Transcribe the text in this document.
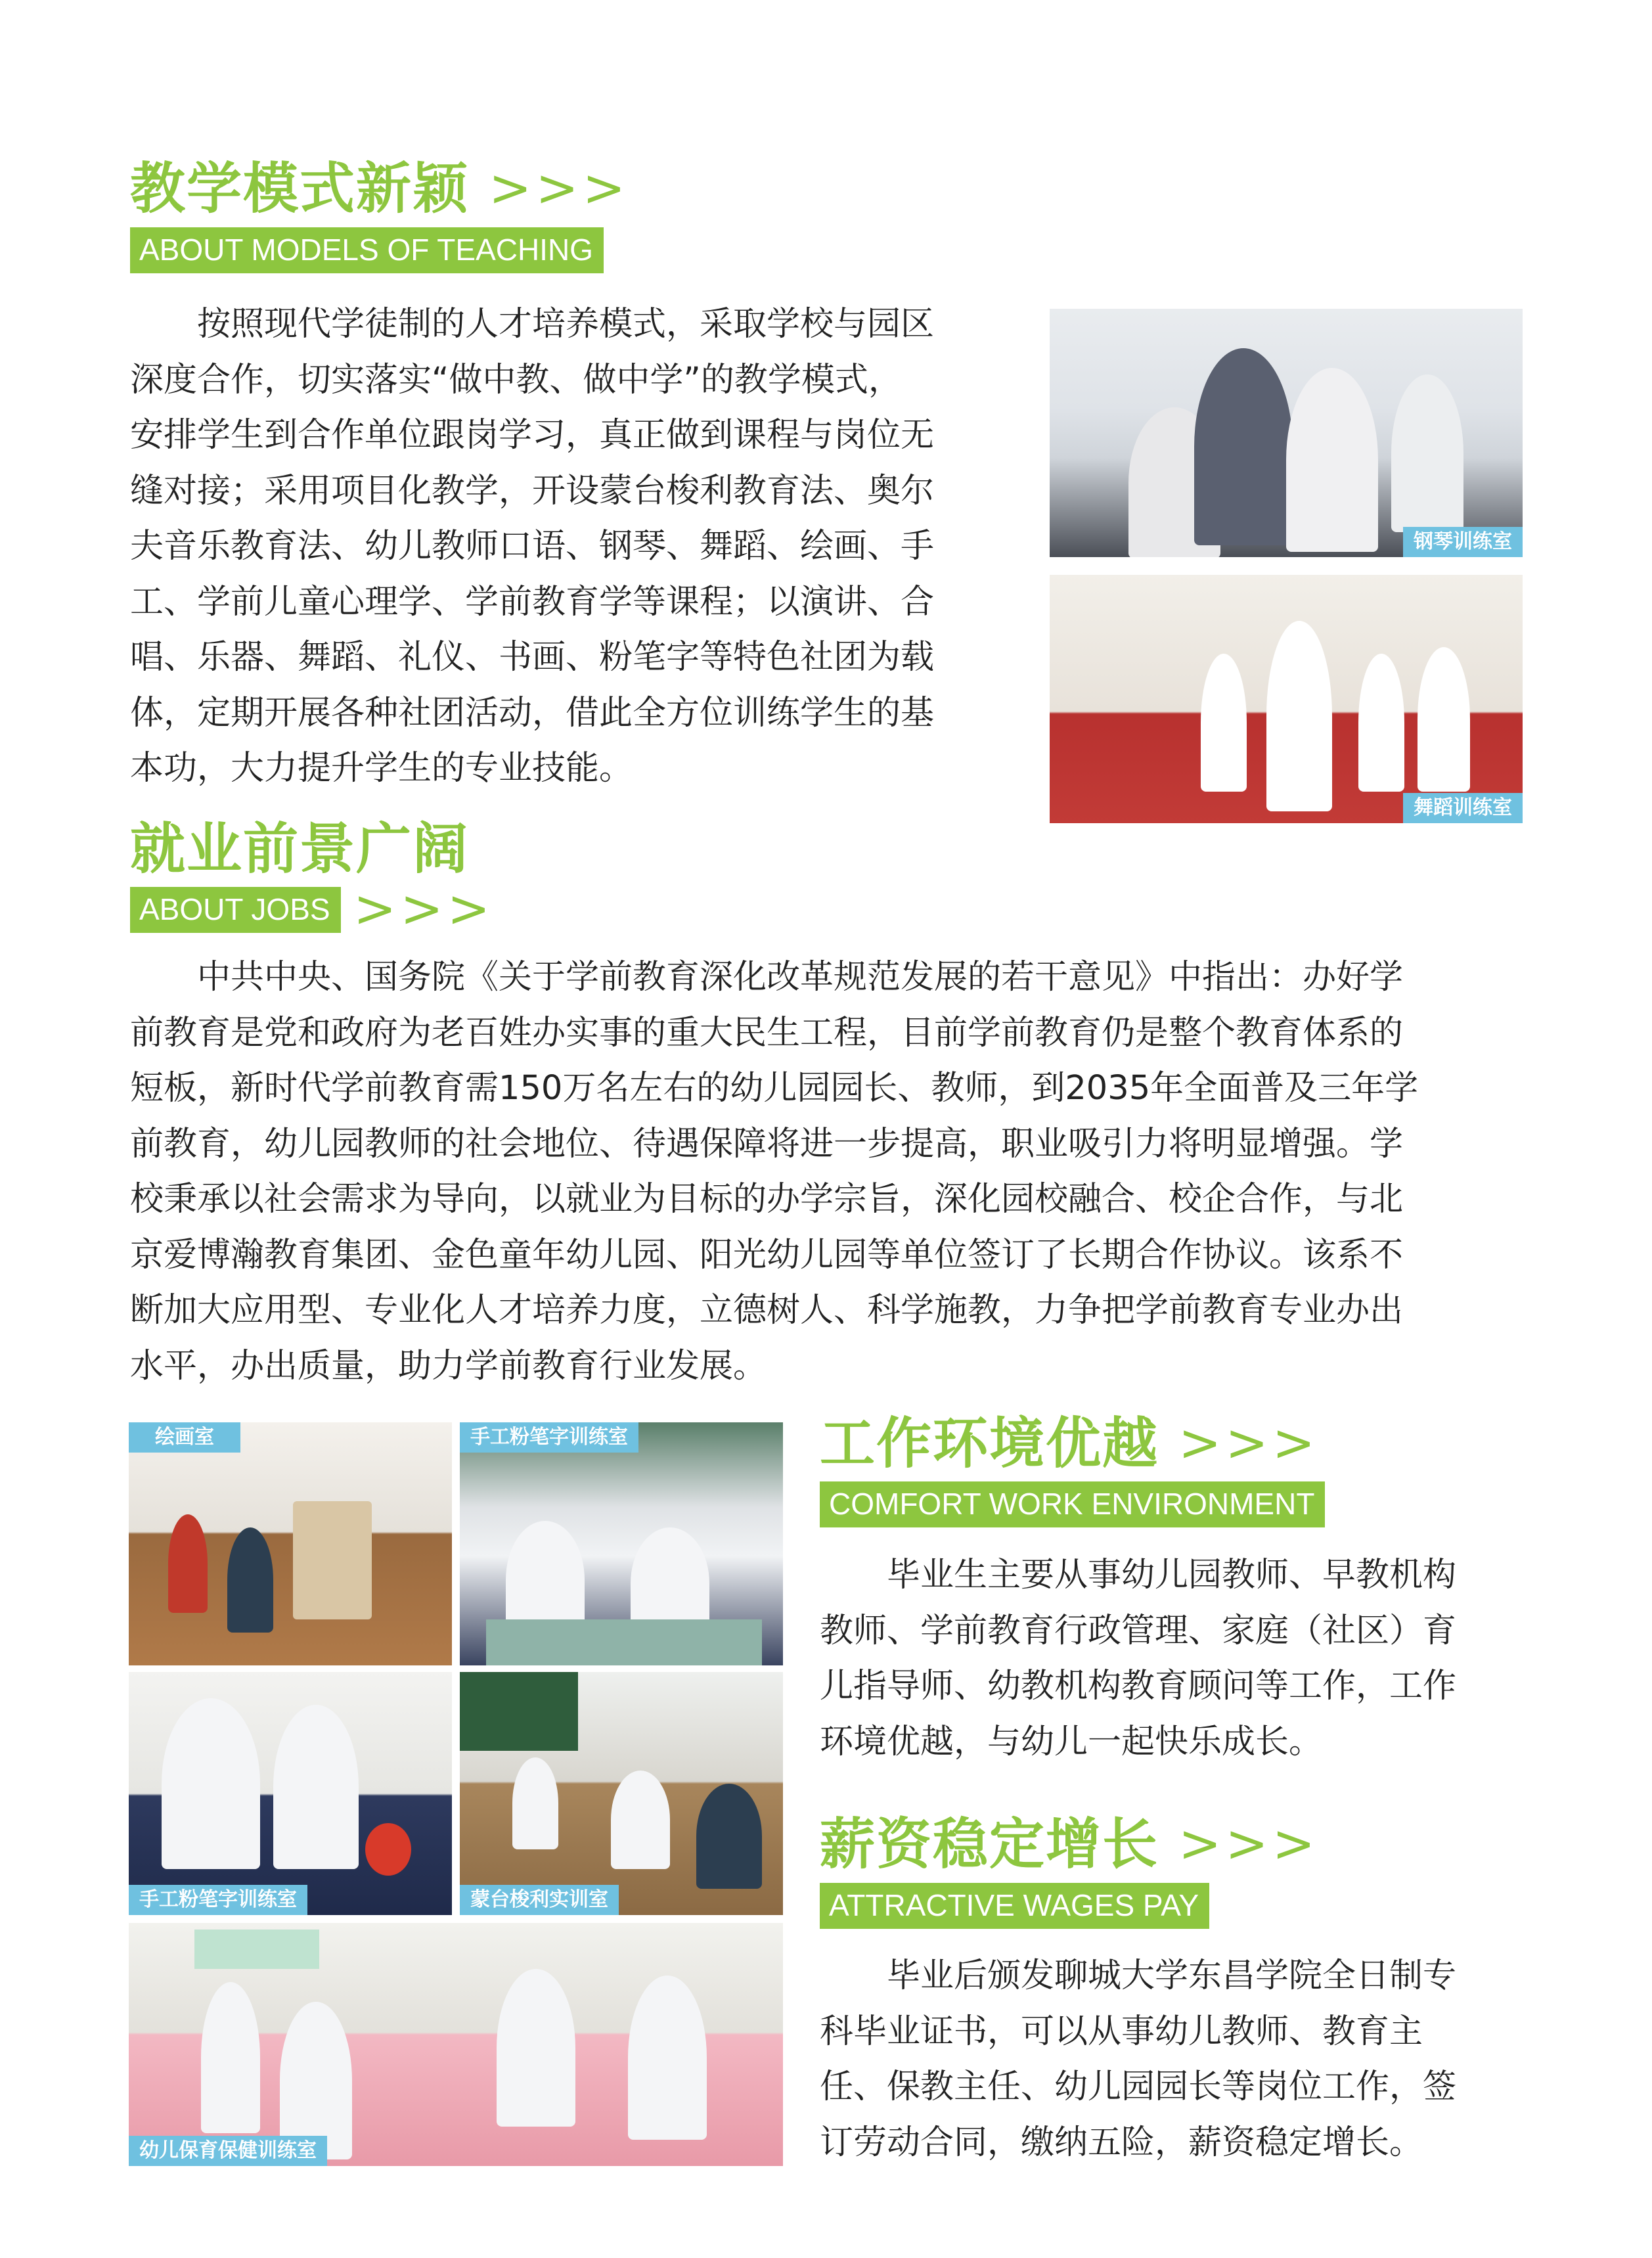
教学模式新颖 >>>
ABOUT MODELS OF TEACHING
按照现代学徒制的人才培养模式，采取学校与园区
深度合作，切实落实“做中教、做中学”的教学模式，
安排学生到合作单位跟岗学习，真正做到课程与岗位无
缝对接；采用项目化教学，开设蒙台梭利教育法、奥尔
夫音乐教育法、幼儿教师口语、钢琴、舞蹈、绘画、手
工、学前儿童心理学、学前教育学等课程；以演讲、合
唱、乐器、舞蹈、礼仪、书画、粉笔字等特色社团为载
体，定期开展各种社团活动，借此全方位训练学生的基
本功，大力提升学生的专业技能。
钢琴训练室
舞蹈训练室
就业前景广阔
ABOUT JOBS >>>
中共中央、国务院《关于学前教育深化改革规范发展的若干意见》中指出：办好学
前教育是党和政府为老百姓办实事的重大民生工程，目前学前教育仍是整个教育体系的
短板，新时代学前教育需150万名左右的幼儿园园长、教师，到2035年全面普及三年学
前教育，幼儿园教师的社会地位、待遇保障将进一步提高，职业吸引力将明显增强。学
校秉承以社会需求为导向，以就业为目标的办学宗旨，深化园校融合、校企合作，与北
京爱博瀚教育集团、金色童年幼儿园、阳光幼儿园等单位签订了长期合作协议。该系不
断加大应用型、专业化人才培养力度，立德树人、科学施教，力争把学前教育专业办出
水平，办出质量，助力学前教育行业发展。
绘画室	手工粉笔字训练室
手工粉笔字训练室	蒙台梭利实训室
幼儿保育保健训练室
工作环境优越 >>>
COMFORT WORK ENVIRONMENT
毕业生主要从事幼儿园教师、早教机构
教师、学前教育行政管理、家庭（社区）育
儿指导师、幼教机构教育顾问等工作，工作
环境优越，与幼儿一起快乐成长。
薪资稳定增长 >>>
ATTRACTIVE WAGES PAY
毕业后颁发聊城大学东昌学院全日制专
科毕业证书，可以从事幼儿教师、教育主
任、保教主任、幼儿园园长等岗位工作，签
订劳动合同，缴纳五险，薪资稳定增长。
